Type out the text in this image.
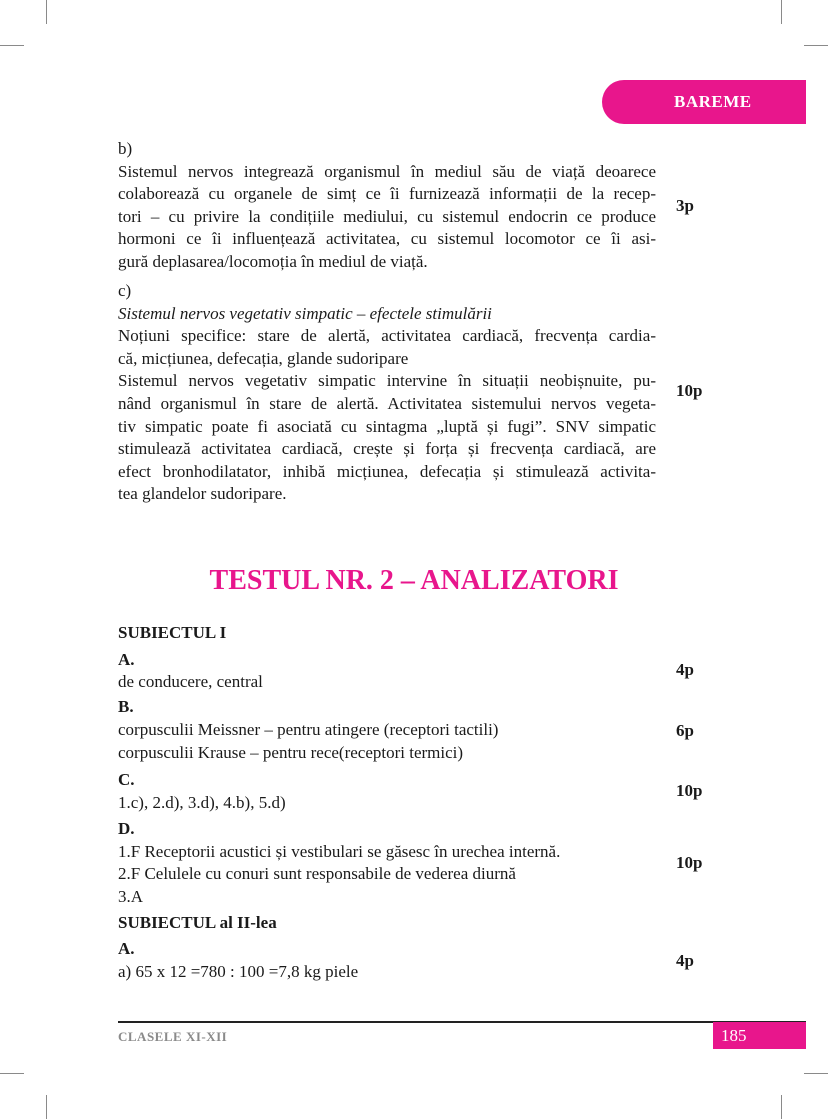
BAREME
b)
Sistemul nervos integrează organismul în mediul său de viață deoarece
colaborează cu organele de simț ce îi furnizează informații de la recep-
tori – cu privire la condițiile mediului, cu sistemul endocrin ce produce
hormoni ce îi influențează activitatea, cu sistemul locomotor ce îi asi-
gură deplasarea/locomoția în mediul de viață.
3p
c)
Sistemul nervos vegetativ simpatic – efectele stimulării
Noțiuni specifice: stare de alertă, activitatea cardiacă, frecvența cardia-
că, micțiunea, defecația, glande sudoripare
Sistemul nervos vegetativ simpatic intervine în situații neobișnuite, pu-
nând organismul în stare de alertă. Activitatea sistemului nervos vegeta-
tiv simpatic poate fi asociată cu sintagma „luptă și fugi”. SNV simpatic
stimulează activitatea cardiacă, crește și forța și frecvența cardiacă, are
efect bronhodilatator, inhibă micțiunea, defecația și stimulează activita-
tea glandelor sudoripare.
10p
TESTUL NR. 2 – ANALIZATORI
SUBIECTUL I
A.
de conducere, central
4p
B.
corpusculii Meissner – pentru atingere (receptori tactili)
corpusculii Krause – pentru rece(receptori termici)
6p
C.
1.c), 2.d), 3.d), 4.b), 5.d)
10p
D.
1.F Receptorii acustici și vestibulari se găsesc în urechea internă.
2.F Celulele cu conuri sunt responsabile de vederea diurnă
3.A
10p
SUBIECTUL al II-lea
A.
a) 65 x 12 =780 : 100 =7,8 kg piele
4p
CLASELE XI-XII	185
